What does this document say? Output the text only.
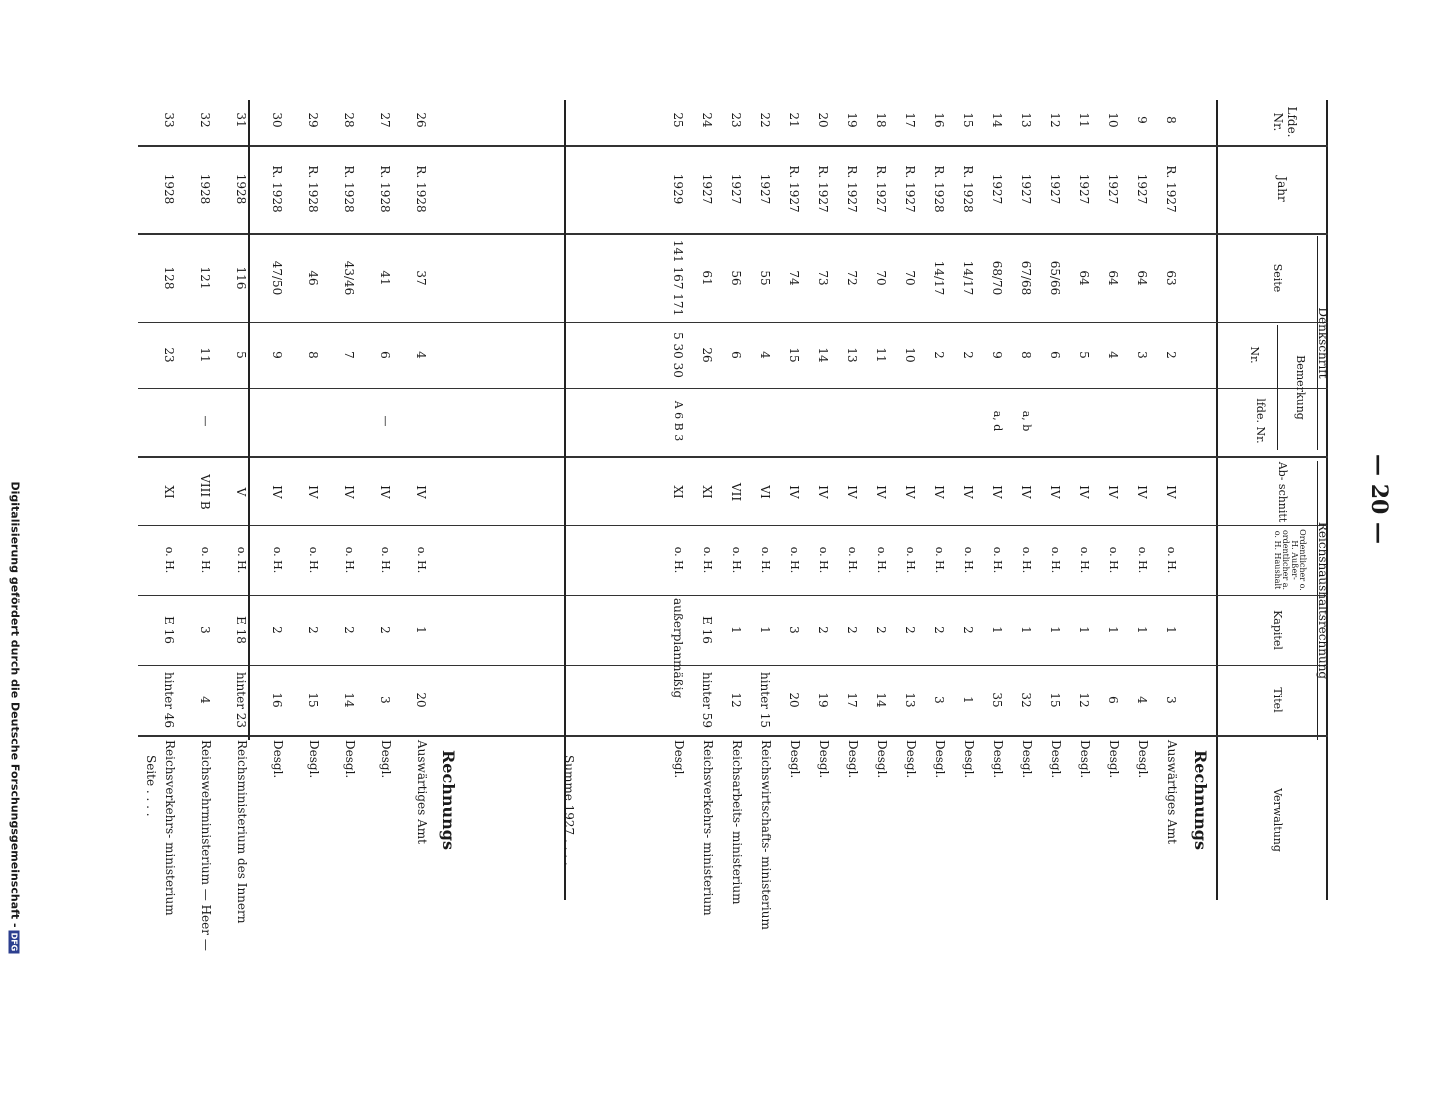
— 20 —
Digitalisierung gefördert durch die Deutsche Forschungsgemeinschaft -DFG
Lfde. Nr.
Jahr
Denkschrift
Seite
Bemerkung
Nr.
lfde. Nr.
Reichshaushaltsrechnung
Ab- schnitt
Ordentlicher o. H. Außer- ordentlicher a. o. H. Haushalt
Kapitel
Titel
Verwaltung
Rechnungs
8
R. 1927
63
2
IV
o. H.
1
3
Auswärtiges Amt
9
1927
64
3
IV
o. H.
1
4
Desgl.
10
1927
64
4
IV
o. H.
1
6
Desgl.
11
1927
64
5
IV
o. H.
1
12
Desgl.
12
1927
65/66
6
IV
o. H.
1
15
Desgl.
13
1927
67/68
8
a, b
IV
o. H.
1
32
Desgl.
14
1927
68/70
9
a, d
IV
o. H.
1
35
Desgl.
15
R. 1928
14/17
2
IV
o. H.
2
1
Desgl.
16
R. 1928
14/17
2
IV
o. H.
2
3
Desgl.
17
R. 1927
70
10
IV
o. H.
2
13
Desgl.
18
R. 1927
70
11
IV
o. H.
2
14
Desgl.
19
R. 1927
72
13
IV
o. H.
2
17
Desgl.
20
R. 1927
73
14
IV
o. H.
2
19
Desgl.
21
R. 1927
74
15
IV
o. H.
3
20
Desgl.
22
1927
55
4
VI
o. H.
1
hinter 15
Reichswirtschafts- ministerium
23
1927
56
6
VII
o. H.
1
12
Reichsarbeits- ministerium
24
1927
61
26
XI
o. H.
E 16
hinter 59
Reichsverkehrs- ministerium
25
1929
141 167 171
5 30 30
A 6 B 3
XI
o. H.
außerplanmäßig
Desgl.
Summe 1927 . . . .
Rechnungs
26
R. 1928
37
4
IV
o. H.
1
20
Auswärtiges Amt
27
R. 1928
41
6
—
IV
o. H.
2
3
Desgl.
28
R. 1928
43/46
7
IV
o. H.
2
14
Desgl.
29
R. 1928
46
8
IV
o. H.
2
15
Desgl.
30
R. 1928
47/50
9
IV
o. H.
2
16
Desgl.
31
1928
116
5
V
o. H.
E 18
hinter 23
Reichsministerium des Innern
32
1928
121
11
—
VIII B
o. H.
3
4
Reichswehrministerium — Heer —
33
1928
128
23
XI
o. H.
E 16
hinter 46
Reichsverkehrs- ministerium
Seite . . . .
